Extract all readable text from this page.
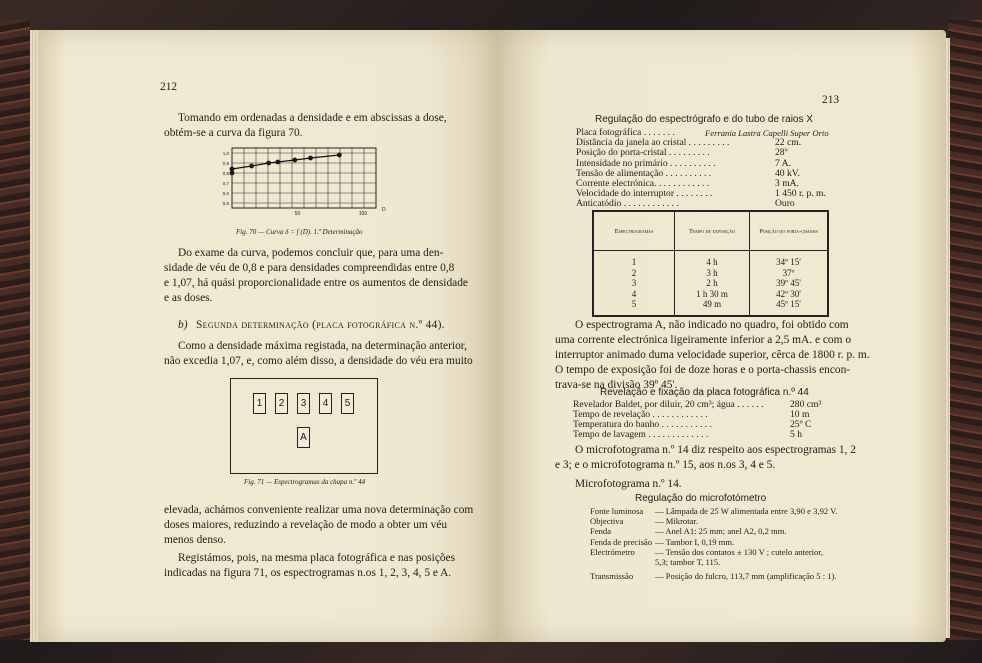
212
Tomando em ordenadas a densidade e em abscissas a dose,
obtém-se a curva da figura 70.
1,0
0,9
0,8
0,7
0,6
0,5
50	100
D
Fig. 70 — Curva δ = f (D). 1.ª Determinação
Do exame da curva, podemos concluir que, para uma den-
sidade de véu de 0,8 e para densidades compreendidas entre 0,8
e 1,07, há quási proporcionalidade entre os aumentos de densidade
e as doses.
b) Segunda determinação (placa fotográfica n.º 44).
Como a densidade máxima registada, na determinação anterior,
não excedia 1,07, e, como além disso, a densidade do véu era muito
1	2	3	4	5
A
Fig. 71 — Espectrogramas da chapa n.º 44
elevada, achámos conveniente realizar uma nova determinação com
doses maiores, reduzindo a revelação de modo a obter um véu
menos denso.
Registámos, pois, na mesma placa fotográfica e nas posições
indicadas na figura 71, os espectrogramas n.os 1, 2, 3, 4, 5 e A.
213
Regulação do espectrógrafo e do tubo de raios X
Placa fotográfica . . . . . . .	Ferrania Lastra Capelli Super Orto
Distância da janela ao cristal . . . . . . . . .	22 cm.
Posição do porta-cristal . . . . . . . . .	28º
Intensidade no primário . . . . . . . . . .	7 A.
Tensão de alimentação . . . . . . . . . .	40 kV.
Corrente electrónica. . . . . . . . . . . .	3 mA.
Velocidade do interruptor . . . . . . . .	1 450 r. p. m.
Anticatódio . . . . . . . . . . . .	Ouro
Espectrogramas	Tempo de exposição	Posição do porta-chassis
1	4 h	34º 15'
2	3 h	37º
3	2 h	39º 45'
4	1 h 30 m	42º 30'
5	49 m	45º 15'
O espectrograma A, não indicado no quadro, foi obtido com
uma corrente electrónica ligeiramente inferior a 2,5 mA. e com o
interruptor animado duma velocidade superior, cêrca de 1800 r. p. m.
O tempo de exposição foi de doze horas e o porta-chassis encon-
trava-se na divisão 39º 45'.
Revelação e fixação da placa fotográfica n.º 44
Revelador Baldet, por diluir, 20 cm³; água . . . . . .	280 cm³
Tempo de revelação . . . . . . . . . . . .	10 m
Temperatura do banho . . . . . . . . . . .	25º C
Tempo de lavagem . . . . . . . . . . . . .	5 h
O microfotograma n.º 14 diz respeito aos espectrogramas 1, 2
e 3; e o microfotograma n.º 15, aos n.os 3, 4 e 5.
Microfotograma n.º 14.
Regulação do microfotómetro
Fonte luminosa — Lâmpada de 25 W alimentada entre 3,90 e 3,92 V.
Objectiva	— Mikrotar.
Fenda	— Anel A1: 25 mm; anel A2, 0,2 mm.
Fenda de precisão — Tambor I, 0,19 mm.
Electrómetro — Tensão dos contatos ± 130 V ; cutelo anterior,
5,3; tambor T, 115.
Transmissão	— Posição do fulcro, 113,7 mm (amplificação 5 : 1).
